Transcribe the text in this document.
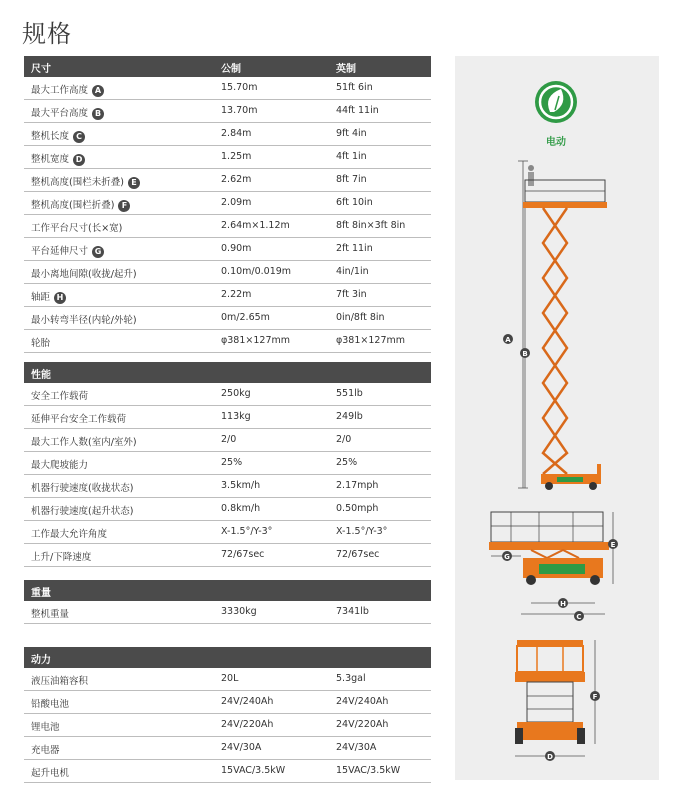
规格
尺寸	公制	英制
最大工作高度 A	15.70m	51ft 6in
最大平台高度 B	13.70m	44ft 11in
整机长度 C	2.84m	9ft 4in
整机宽度 D	1.25m	4ft 1in
整机高度(围栏未折叠) E	2.62m	8ft 7in
整机高度(围栏折叠) F	2.09m	6ft 10in
工作平台尺寸(长×宽)	2.64m×1.12m	8ft 8in×3ft 8in
平台延伸尺寸 G	0.90m	2ft 11in
最小离地间隙(收拢/起升)	0.10m/0.019m	4in/1in
轴距 H	2.22m	7ft 3in
最小转弯半径(内轮/外轮)	0m/2.65m	0in/8ft 8in
轮胎	φ381×127mm	φ381×127mm
性能
安全工作载荷	250kg	551lb
延伸平台安全工作载荷	113kg	249lb
最大工作人数(室内/室外)	2/0	2/0
最大爬坡能力	25%	25%
机器行驶速度(收拢状态)	3.5km/h	2.17mph
机器行驶速度(起升状态)	0.8km/h	0.50mph
工作最大允许角度	X-1.5°/Y-3°	X-1.5°/Y-3°
上升/下降速度	72/67sec	72/67sec
重量
整机重量	3330kg	7341lb
动力
液压油箱容积	20L	5.3gal
铅酸电池	24V/240Ah	24V/240Ah
锂电池	24V/220Ah	24V/220Ah
充电器	24V/30A	24V/30A
起升电机	15VAC/3.5kW	15VAC/3.5kW
电动
A
B
E
G
H
C
F
D
